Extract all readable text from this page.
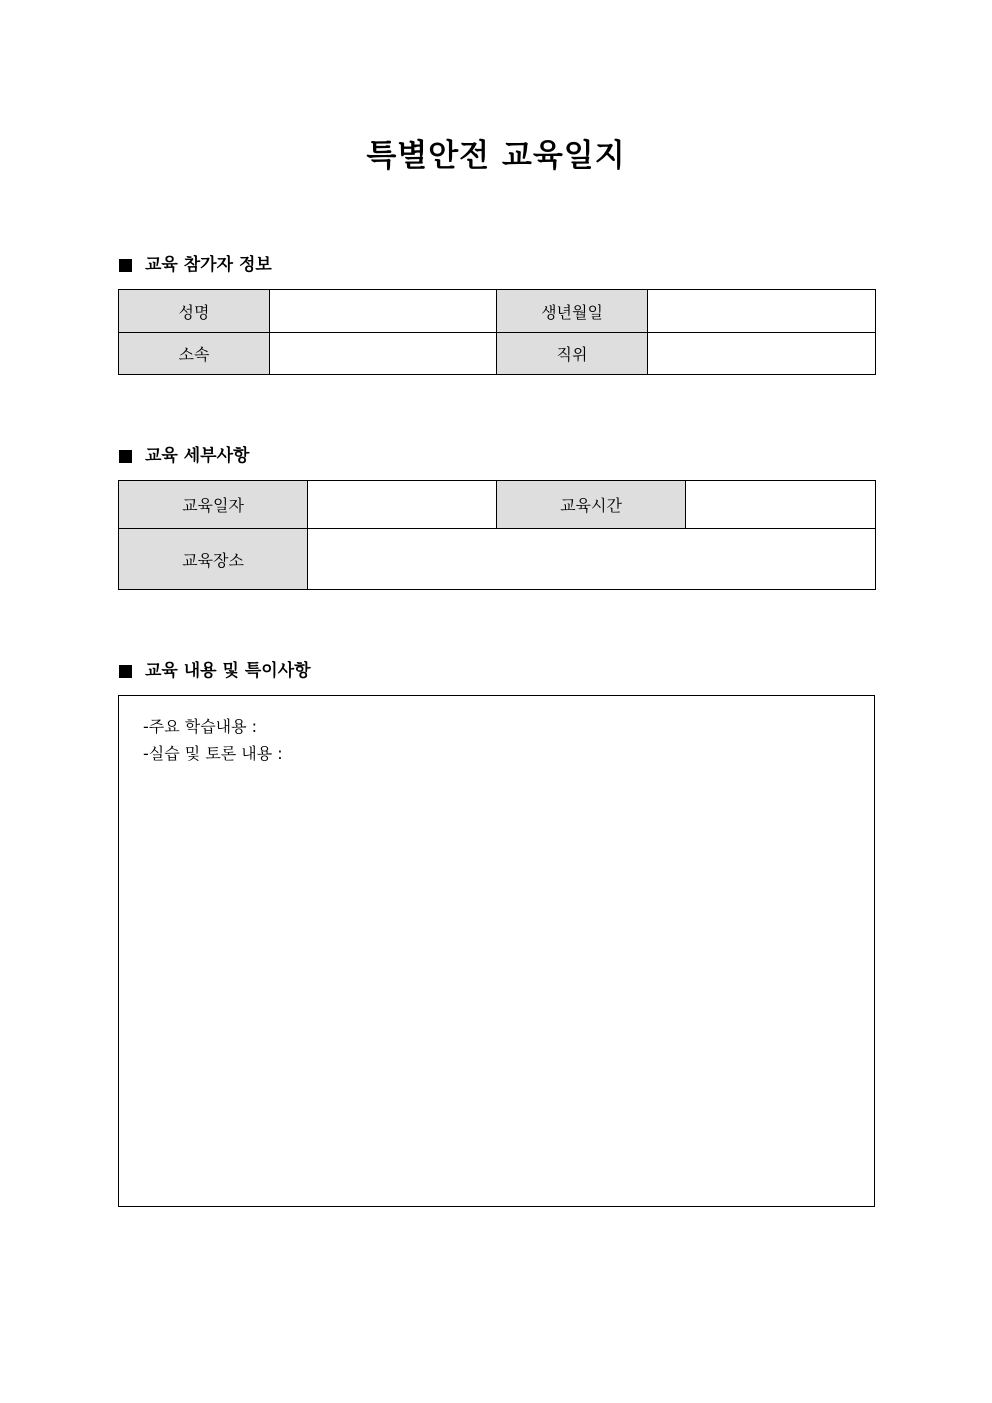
특별안전 교육일지
교육 참가자 정보
성명		생년월일	
소속		직위	
교육 세부사항
교육일자		교육시간	
교육장소			
교육 내용 및 특이사항
-주요 학습내용 :
-실습 및 토론 내용 :
